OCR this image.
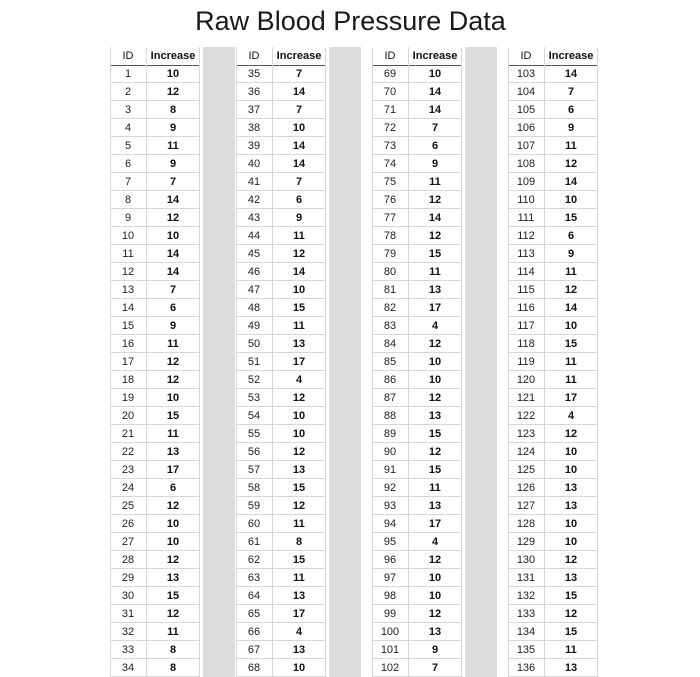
Raw Blood Pressure Data
ID	Increase
1	10
2	12
3	8
4	9
5	11
6	9
7	7
8	14
9	12
10	10
11	14
12	14
13	7
14	6
15	9
16	11
17	12
18	12
19	10
20	15
21	11
22	13
23	17
24	6
25	12
26	10
27	10
28	12
29	13
30	15
31	12
32	11
33	8
34	8
ID	Increase
35	7
36	14
37	7
38	10
39	14
40	14
41	7
42	6
43	9
44	11
45	12
46	14
47	10
48	15
49	11
50	13
51	17
52	4
53	12
54	10
55	10
56	12
57	13
58	15
59	12
60	11
61	8
62	15
63	11
64	13
65	17
66	4
67	13
68	10
ID	Increase
69	10
70	14
71	14
72	7
73	6
74	9
75	11
76	12
77	14
78	12
79	15
80	11
81	13
82	17
83	4
84	12
85	10
86	10
87	12
88	13
89	15
90	12
91	15
92	11
93	13
94	17
95	4
96	12
97	10
98	10
99	12
100	13
101	9
102	7
ID	Increase
103	14
104	7
105	6
106	9
107	11
108	12
109	14
110	10
111	15
112	6
113	9
114	11
115	12
116	14
117	10
118	15
119	11
120	11
121	17
122	4
123	12
124	10
125	10
126	13
127	13
128	10
129	10
130	12
131	13
132	15
133	12
134	15
135	11
136	13
